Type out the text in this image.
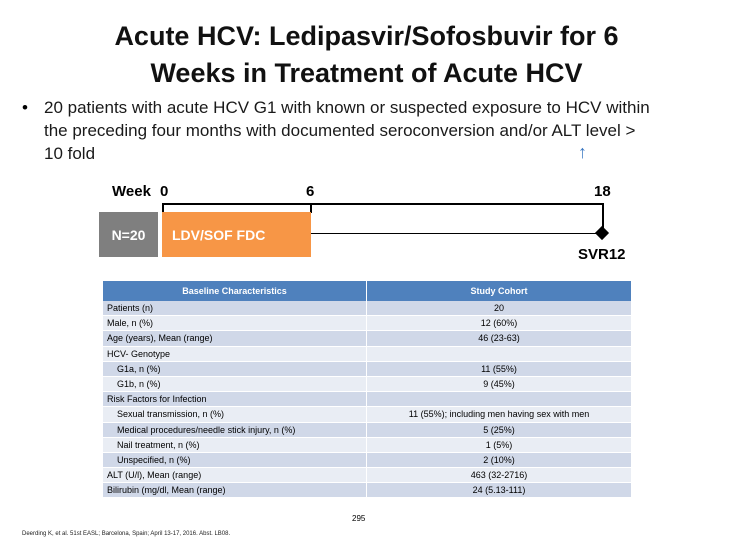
Acute HCV: Ledipasvir/Sofosbuvir for 6
Weeks in Treatment of Acute HCV
• 20 patients with acute HCV G1 with known or suspected exposure to HCV within
the preceding four months with documented seroconversion and/or ALT level >
10 fold	↑
Week 0	6	18
N=20	LDV/SOF FDC
SVR12
Baseline Characteristics	Study Cohort
Patients (n)	20
Male, n (%)	12 (60%)
Age (years), Mean (range)	46 (23-63)
HCV- Genotype	
G1a, n (%)	11 (55%)
G1b, n (%)	9 (45%)
Risk Factors for Infection	
Sexual transmission, n (%)	11 (55%); including men having sex with men
Medical procedures/needle stick injury, n (%)	5 (25%)
Nail treatment, n (%)	1 (5%)
Unspecified, n (%)	2 (10%)
ALT (U/l), Mean (range)	463 (32-2716)
Bilirubin (mg/dl, Mean (range)	24 (5.13-111)
295
Deerding K, et al. 51st EASL; Barcelona, Spain; April 13-17, 2016. Abst. LB08.
